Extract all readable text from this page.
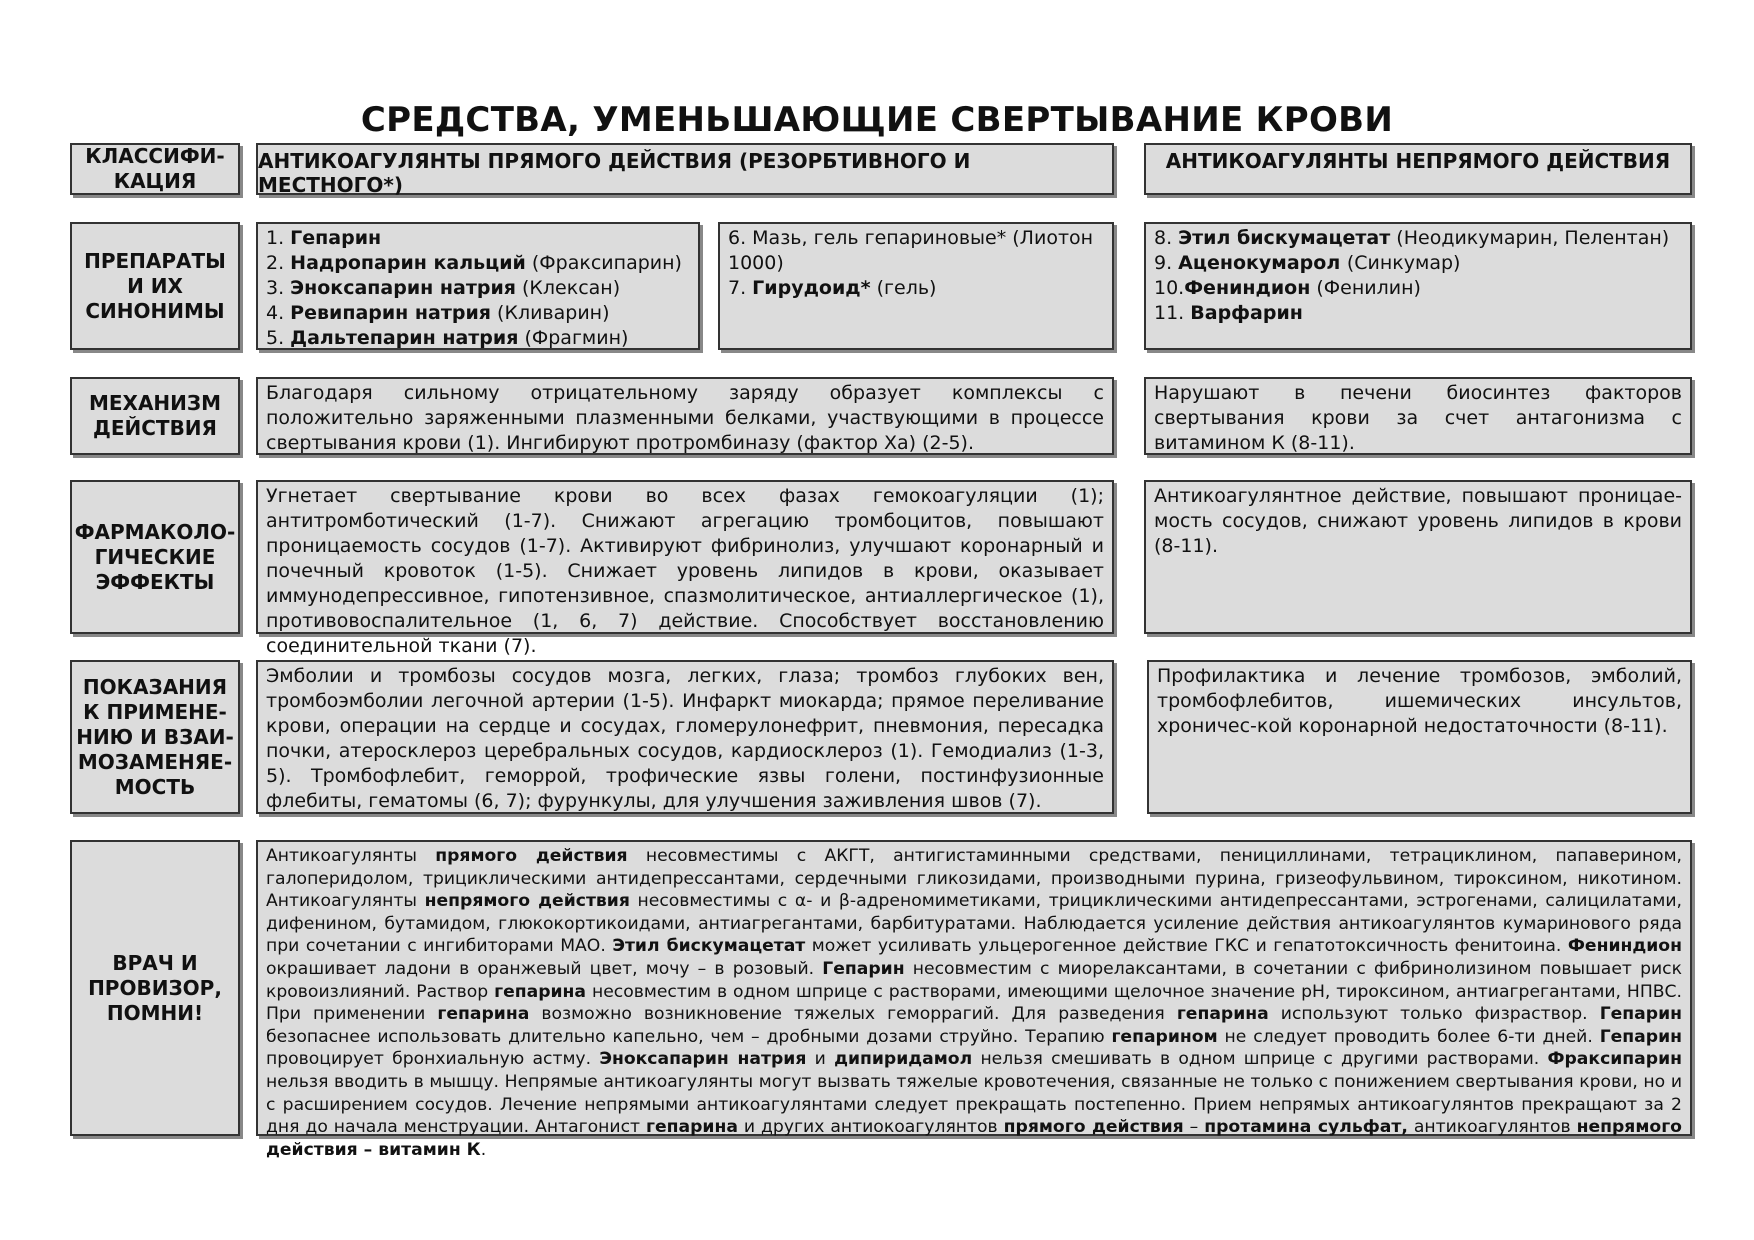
СРЕДСТВА, УМЕНЬШАЮЩИЕ СВЕРТЫВАНИЕ КРОВИ
КЛАССИФИ-
КАЦИЯ
АНТИКОАГУЛЯНТЫ ПРЯМОГО ДЕЙСТВИЯ (РЕЗОРБТИВНОГО И МЕСТНОГО*)
АНТИКОАГУЛЯНТЫ НЕПРЯМОГО ДЕЙСТВИЯ
ПРЕПАРАТЫ
И ИХ
СИНОНИМЫ
1. Гепарин
2. Надропарин кальций (Фраксипарин)
3. Эноксапарин натрия (Клексан)
4. Ревипарин натрия (Кливарин)
5. Дальтепарин натрия (Фрагмин)
6. Мазь, гель гепариновые* (Лиотон 1000)
7. Гирудоид* (гель)
8. Этил бискумацетат (Неодикумарин, Пелентан)
9. Аценокумарол (Синкумар)
10.Фениндион (Фенилин)
11. Варфарин
МЕХАНИЗМ
ДЕЙСТВИЯ

Благодаря сильному отрицательному заряду образует комплексы с положительно заряженными плазменными белками, участвующими в процессе свертывания крови (1). Ингибируют протромбиназу (фактор Ха) (2-5).

Нарушают в печени биосинтез факторов свертывания крови за счет антагонизма с витамином К (8-11).

ФАРМАКОЛО-
ГИЧЕСКИЕ
ЭФФЕКТЫ

Угнетает свертывание крови во всех фазах гемокоагуляции (1); антитромботический (1-7). Снижают агрегацию тромбоцитов, повышают проницаемость сосудов (1-7). Активируют фибринолиз, улучшают коронарный и почечный кровоток (1-5). Снижает уровень липидов в крови, оказывает иммунодепрессивное, гипотензивное, спазмолитическое, антиаллергическое (1), противовоспалительное (1, 6, 7) действие. Способствует восстановлению соединительной ткани (7).

Антикоагулянтное действие, повышают проницае-мость сосудов, снижают уровень липидов в крови (8-11).

ПОКАЗАНИЯ
К ПРИМЕНЕ-
НИЮ И ВЗАИ-
МОЗАМЕНЯЕ-
МОСТЬ

Эмболии и тромбозы сосудов мозга, легких, глаза; тромбоз глубоких вен, тромбоэмболии легочной артерии (1-5). Инфаркт миокарда; прямое переливание крови, операции на сердце и сосудах, гломерулонефрит, пневмония, пересадка почки, атеросклероз церебральных сосудов, кардиосклероз (1). Гемодиализ (1-3, 5). Тромбофлебит, геморрой, трофические язвы голени, постинфузионные флебиты, гематомы (6, 7); фурункулы, для улучшения заживления швов (7).

Профилактика и лечение тромбозов, эмболий, тромбофлебитов, ишемических инсультов, хроничес-кой коронарной недостаточности (8-11).

ВРАЧ И
ПРОВИЗОР,
ПОМНИ!

Антикоагулянты прямого действия несовместимы с АКГТ, антигистаминными средствами, пенициллинами, тетрациклином, папаверином, галоперидолом, трициклическими антидепрессантами, сердечными гликозидами, производными пурина, гризеофульвином, тироксином, никотином. Антикоагулянты непрямого действия несовместимы с α- и β-адреномиметиками, трициклическими антидепрессантами, эстрогенами, салицилатами, дифенином, бутамидом, глюкокортикоидами, антиагрегантами, барбитуратами. Наблюдается усиление действия антикоагулянтов кумаринового ряда при сочетании с ингибиторами МАО. Этил бискумацетат может усиливать ульцерогенное действие ГКС и гепатотоксичность фенитоина. Фениндион окрашивает ладони в оранжевый цвет, мочу – в розовый. Гепарин несовместим с миорелаксантами, в сочетании с фибринолизином повышает риск кровоизлияний. Раствор гепарина несовместим в одном шприце с растворами, имеющими щелочное значение рН, тироксином, антиагрегантами, НПВС. При применении гепарина возможно возникновение тяжелых геморрагий. Для разведения гепарина используют только физраствор. Гепарин безопаснее использовать длительно капельно, чем – дробными дозами струйно. Терапию гепарином не следует проводить более 6-ти дней. Гепарин провоцирует бронхиальную астму. Эноксапарин натрия и дипиридамол нельзя смешивать в одном шприце с другими растворами. Фраксипарин нельзя вводить в мышцу. Непрямые антикоагулянты могут вызвать тяжелые кровотечения, связанные не только с понижением свертывания крови, но и с расширением сосудов. Лечение непрямыми антикоагулянтами следует прекращать постепенно. Прием непрямых антикоагулянтов прекращают за 2 дня до начала менструации. Антагонист гепарина и других антиокоагулянтов прямого действия – протамина сульфат, антикоагулянтов непрямого действия – витамин К.
